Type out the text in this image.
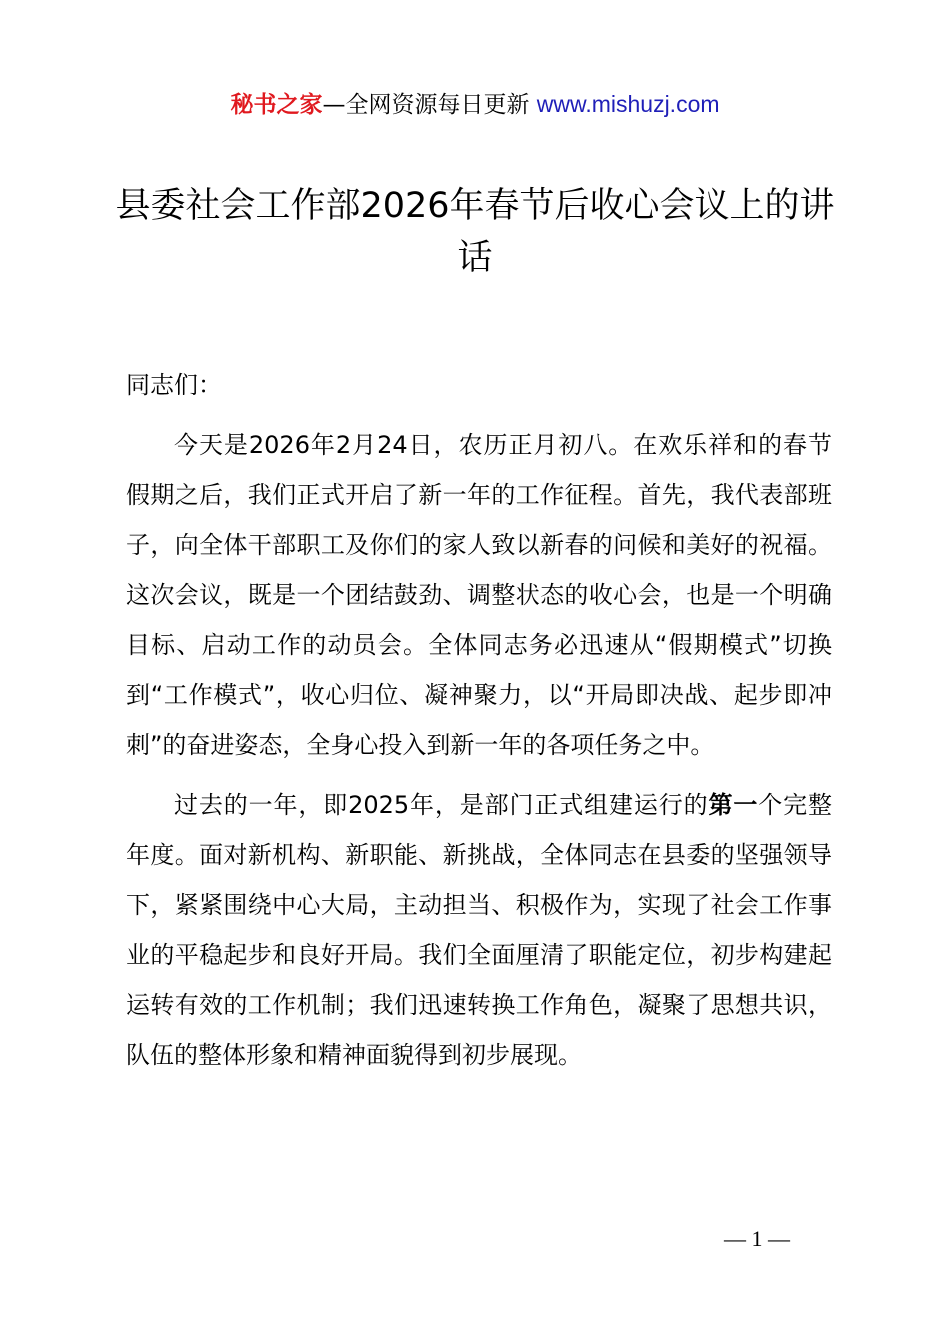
秘书之家—全网资源每日更新 www.mishuzj.com
县委社会工作部2026年春节后收心会议上的讲话

同志们：

今天是2026年2月24日，农历正月初八。在欢乐祥和的春节假期之后，我们正式开启了新一年的工作征程。首先，我代表部班子，向全体干部职工及你们的家人致以新春的问候和美好的祝福。这次会议，既是一个团结鼓劲、调整状态的收心会，也是一个明确目标、启动工作的动员会。全体同志务必迅速从“假期模式”切换到“工作模式”，收心归位、凝神聚力，以“开局即决战、起步即冲刺”的奋进姿态，全身心投入到新一年的各项任务之中。

过去的一年，即2025年，是部门正式组建运行的第一个完整年度。面对新机构、新职能、新挑战，全体同志在县委的坚强领导下，紧紧围绕中心大局，主动担当、积极作为，实现了社会工作事业的平稳起步和良好开局。我们全面厘清了职能定位，初步构建起运转有效的工作机制；我们迅速转换工作角色，凝聚了思想共识，队伍的整体形象和精神面貌得到初步展现。

— 1 —
